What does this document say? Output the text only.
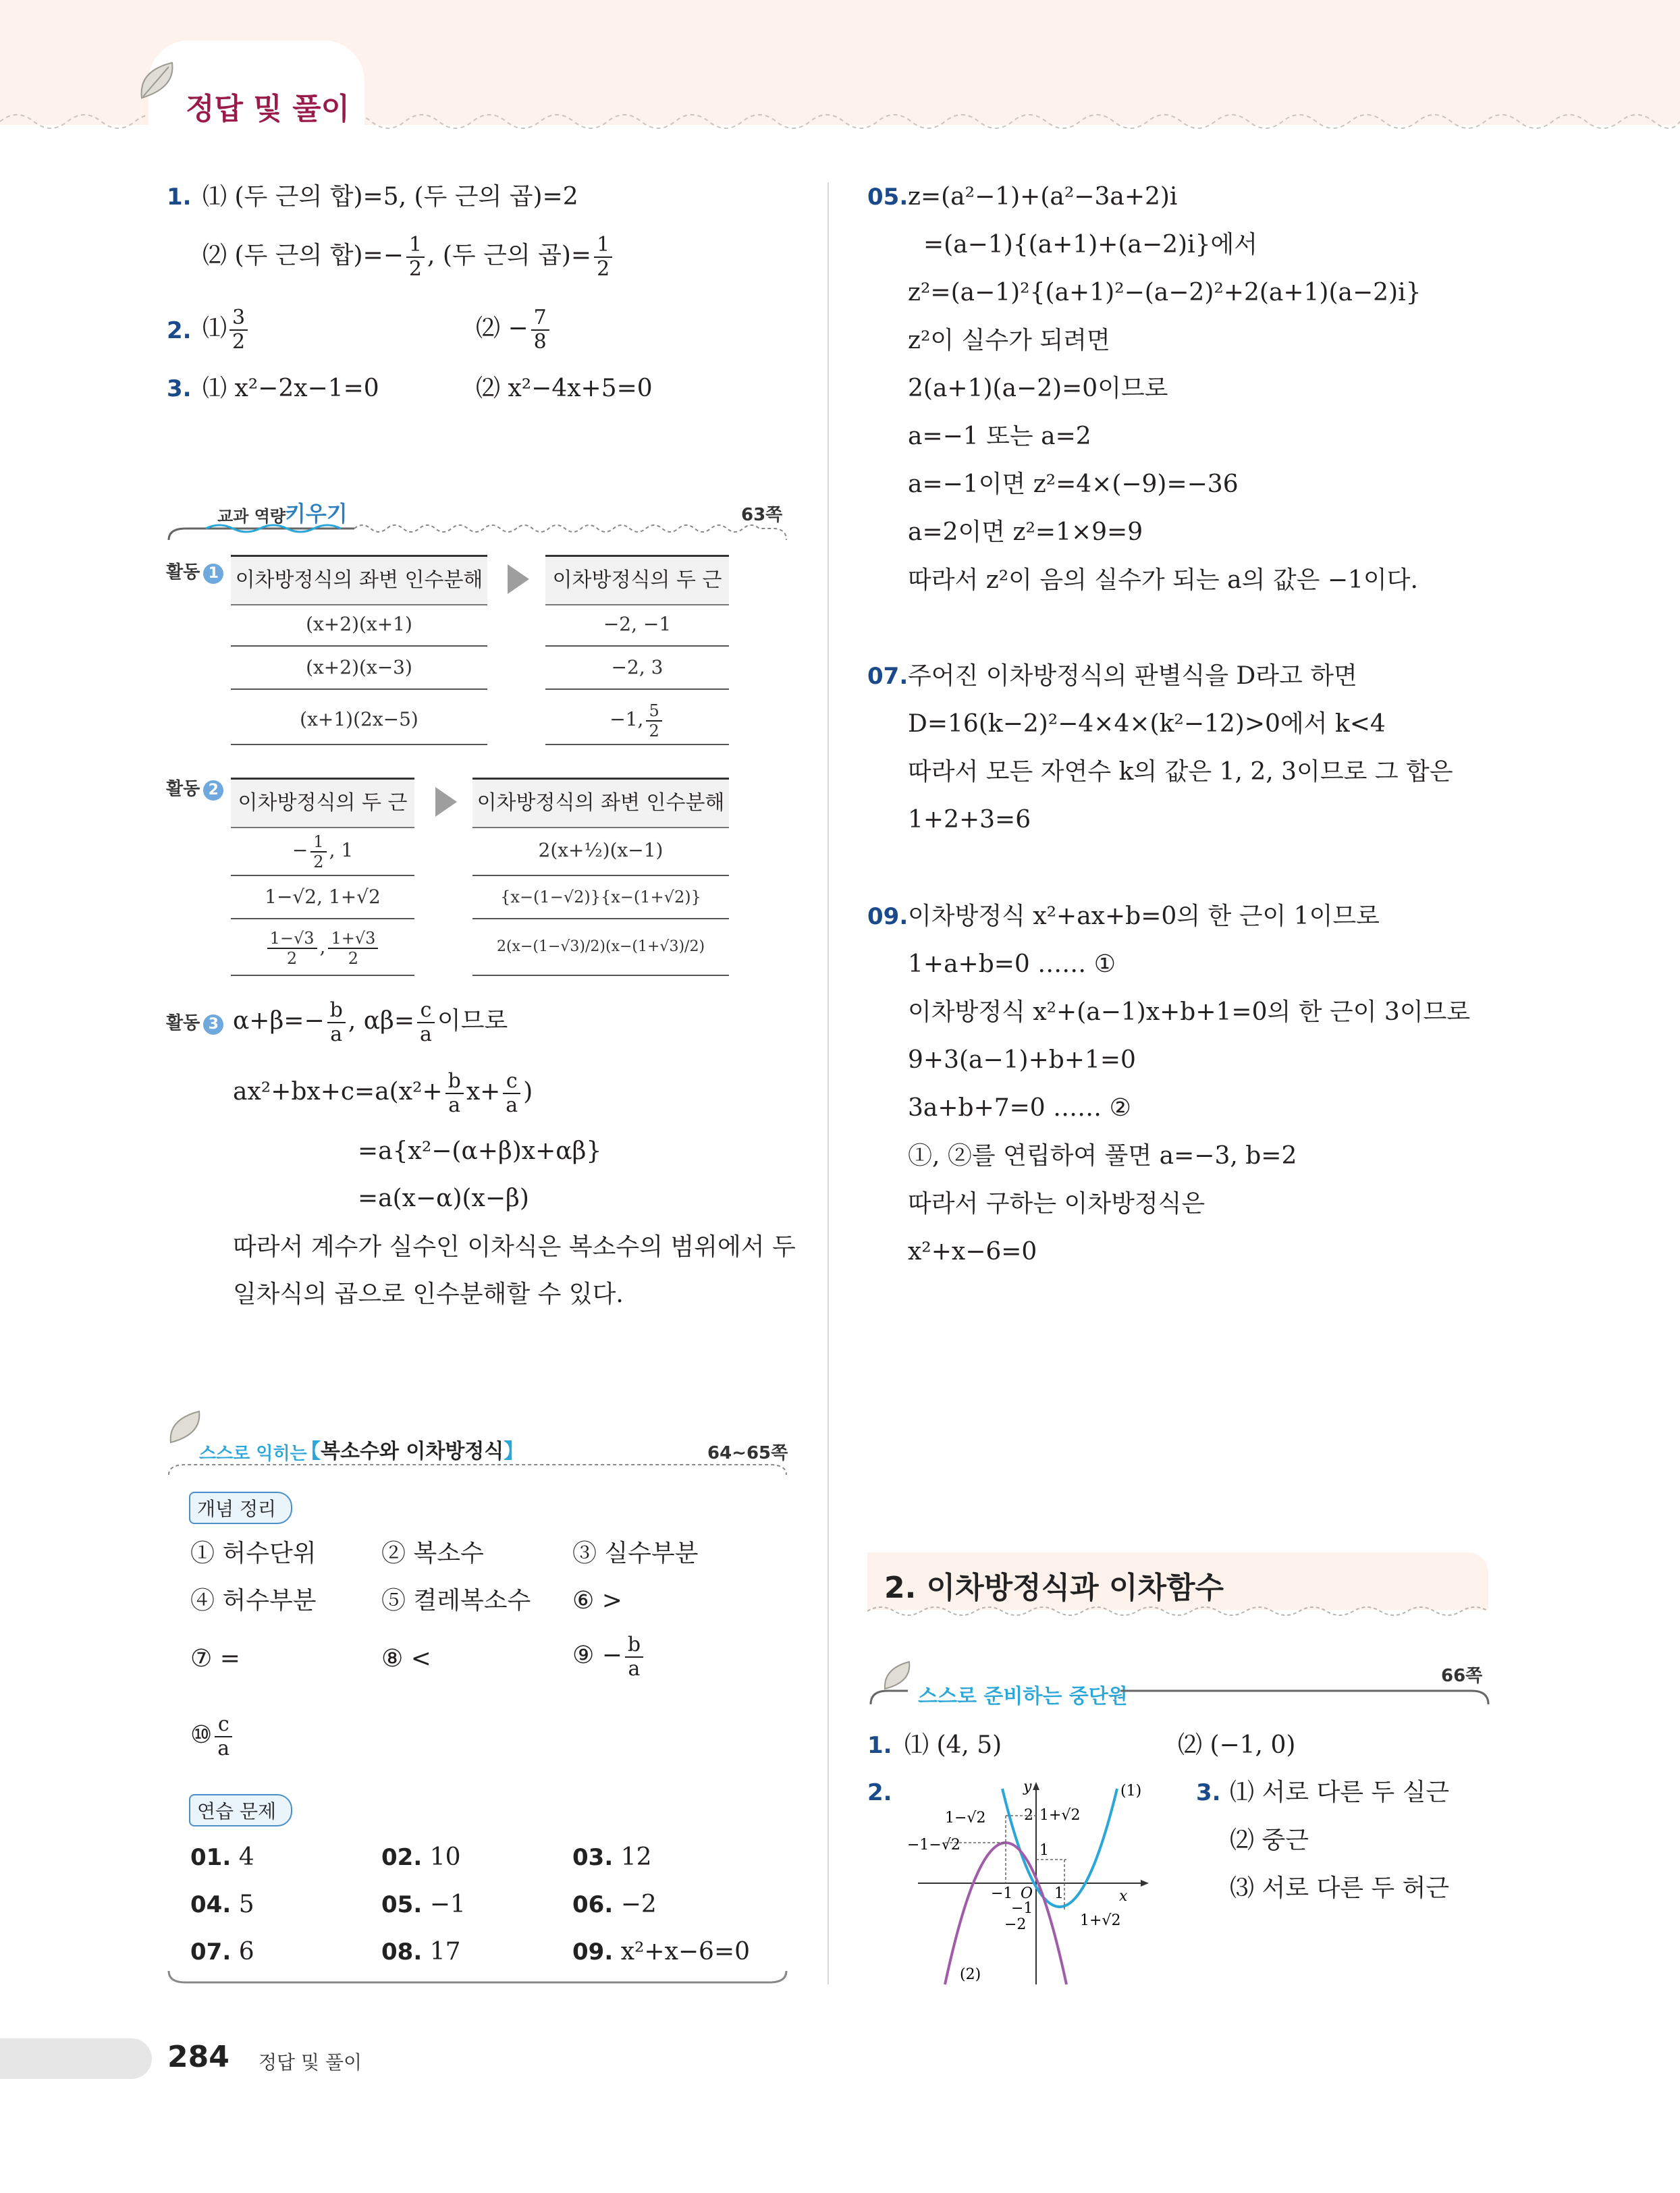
정답 및 풀이
1. ⑴ (두 근의 합)=5, (두 근의 곱)=2
⑵ (두 근의 합)=− $\frac{1}{2}$ , (두 근의 곱)= $\frac{1}{2}$
2. ⑴ $\frac{3}{2}$	⑵ − $\frac{7}{8}$
3. ⑴ x²−2x−1=0	⑵ x²−4x+5=0
교과 역량
키우기	63쪽
활동 1 이차방정식의 좌변 인수분해	이차방정식의 두 근
(x+2)(x+1)	−2, −1
(x+2)(x−3)	−2, 3
(x+1)(2x−5)	−1, $\frac{5}{2}$
활동 2
이차방정식의 두 근	이차방정식의 좌변 인수분해
− $\frac{1}{2}$ , 1	2(x+½)(x−1)
1−√2, 1+√2	{x−(1−√2)}{x−(1+√2)}
$\frac{1-√3}{2}$ , $\frac{1+√3}{2}$	2(x−(1−√3)/2)(x−(1+√3)/2)
활동 3 $\alpha+\beta=- \frac{b}{a}$ , $\alpha\beta= \frac{c}{a}$ 이므로
$ax^2+bx+c=a(x^2+ \frac{b}{a} x+ \frac{c}{a}$ )
=a{x²−(α+β)x+αβ}
=a(x−α)(x−β)
따라서 계수가 실수인 이차식은 복소수의 범위에서 두
일차식의 곱으로 인수분해할 수 있다.
스스로 익히는
【복소수와 이차방정식】	64~65쪽
개념 정리
① 허수단위	② 복소수	③ 실수부분
④ 허수부분	⑤ 켤레복소수 ⑥ >
⑦ =	⑧ <	⑨ − $\frac{b}{a}$
⑩ $\frac{c}{a}$
연습 문제
01. 4	02. 10	03. 12
04. 5	05. −1	06. −2
07. 6	08. 17	09. x²+x−6=0
05. z=(a²−1)+(a²−3a+2)i
=(a−1){(a+1)+(a−2)i}에서
z²=(a−1)²{(a+1)²−(a−2)²+2(a+1)(a−2)i}
z²이 실수가 되려면
2(a+1)(a−2)=0이므로
a=−1 또는 a=2
a=−1이면 z²=4×(−9)=−36
a=2이면 z²=1×9=9
따라서 z²이 음의 실수가 되는 a의 값은 −1이다.
07. 주어진 이차방정식의 판별식을 D라고 하면
D=16(k−2)²−4×4×(k²−12)>0에서 k<4
따라서 모든 자연수 k의 값은 1, 2, 3이므로 그 합은
1+2+3=6
09. 이차방정식 x²+ax+b=0의 한 근이 1이므로
1+a+b=0 …… ①
이차방정식 x²+(a−1)x+b+1=0의 한 근이 3이므로
9+3(a−1)+b+1=0
3a+b+7=0 …… ②
①, ②를 연립하여 풀면 a=−3, b=2
따라서 구하는 이차방정식은
x²+x−6=0
2. 이차방정식과 이차함수
스스로 준비하는 중단원
66쪽
1. ⑴ (4, 5)	⑵ (−1, 0)
2.	3. ⑴ 서로 다른 두 실근
⑵ 중근
⑶ 서로 다른 두 허근
y
x
(1)
(2)
1−√2
−1−√2
2 1+√2
1
−1 O 1
−1
−2	1+√2
284 정답 및 풀이
